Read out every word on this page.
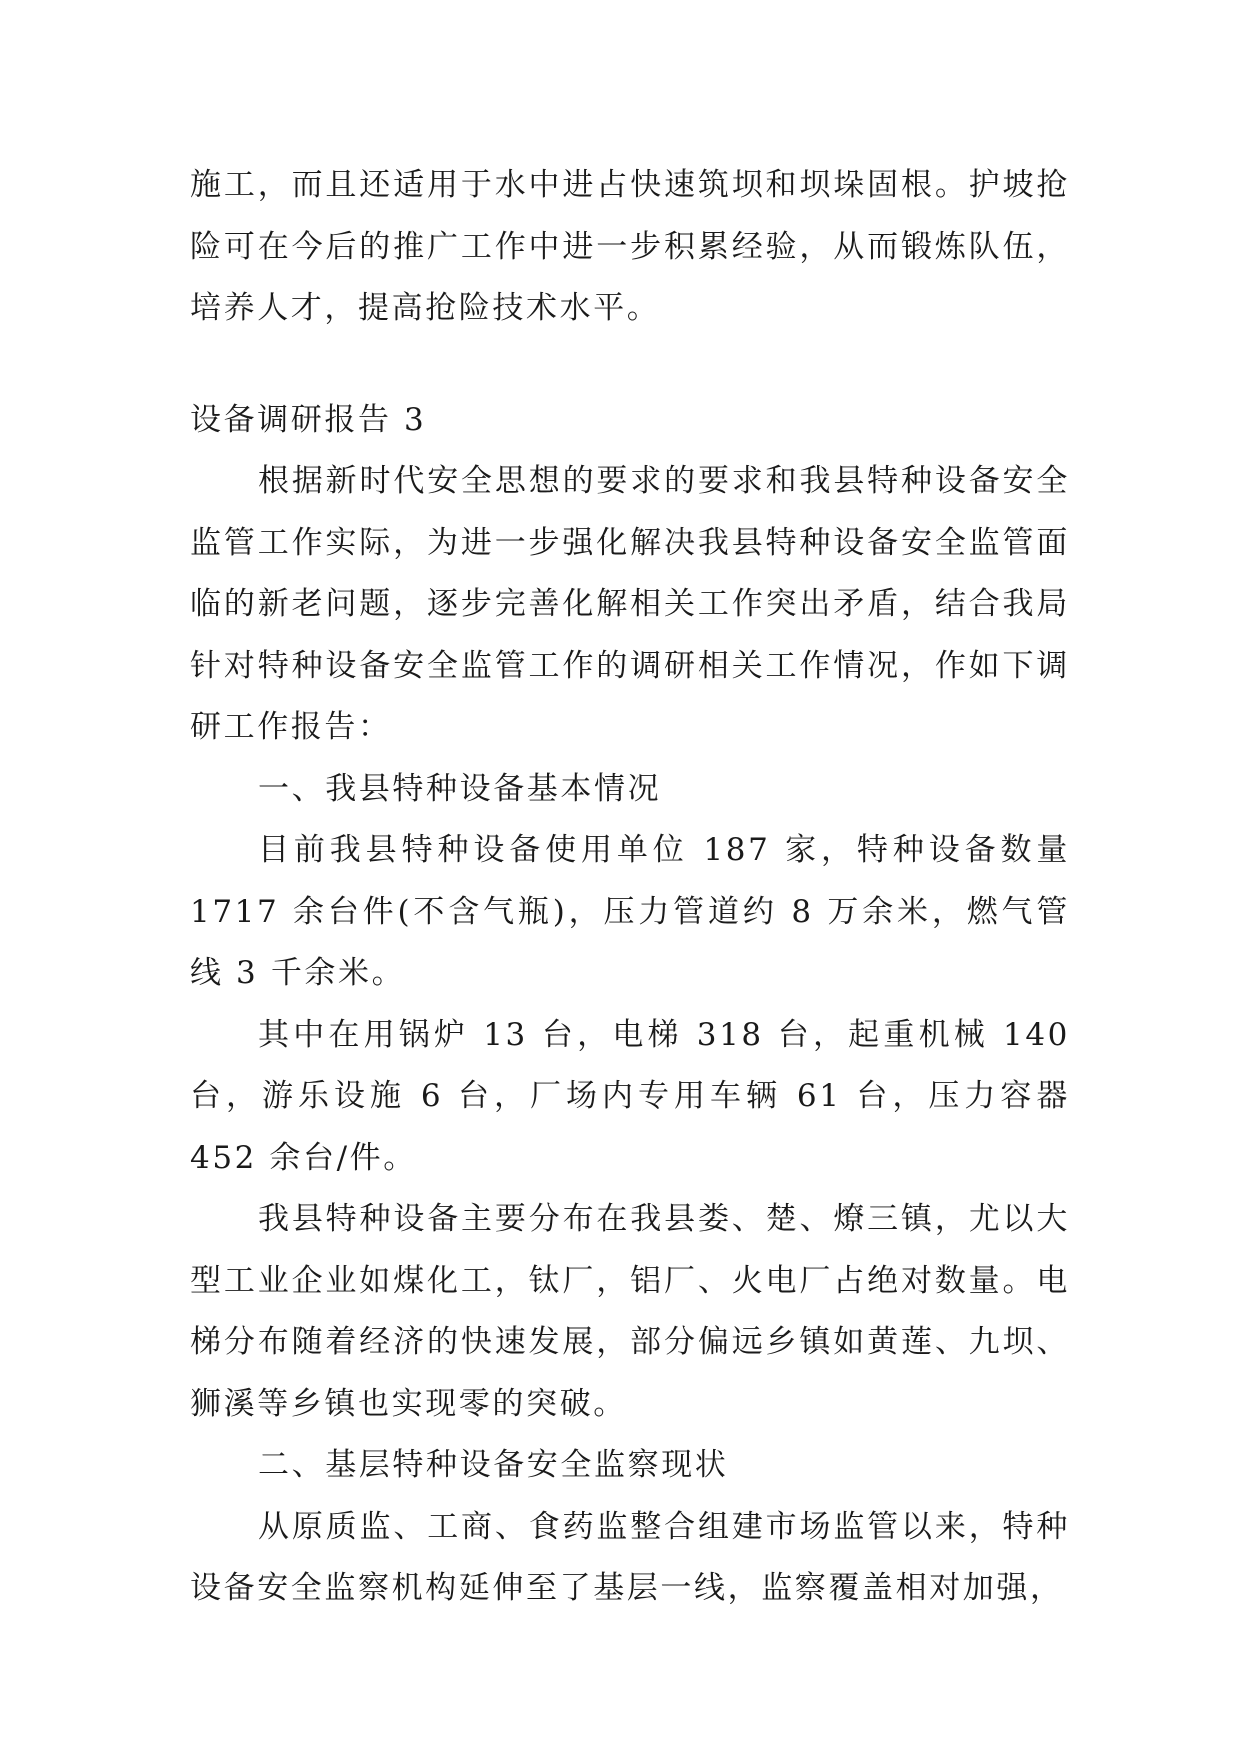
施工，而且还适用于水中进占快速筑坝和坝垛固根。护坡抢险可在今后的推广工作中进一步积累经验，从而锻炼队伍，培养人才，提高抢险技术水平。

设备调研报告 3

根据新时代安全思想的要求的要求和我县特种设备安全监管工作实际，为进一步强化解决我县特种设备安全监管面临的新老问题，逐步完善化解相关工作突出矛盾，结合我局针对特种设备安全监管工作的调研相关工作情况，作如下调研工作报告：

一、我县特种设备基本情况

目前我县特种设备使用单位 187 家，特种设备数量 1717 余台件(不含气瓶)，压力管道约 8 万余米，燃气管线 3 千余米。

其中在用锅炉 13 台，电梯 318 台，起重机械 140 台，游乐设施 6 台，厂场内专用车辆 61 台，压力容器 452 余台/件。

我县特种设备主要分布在我县娄、楚、燎三镇，尤以大型工业企业如煤化工，钛厂，铝厂、火电厂占绝对数量。电梯分布随着经济的快速发展，部分偏远乡镇如黄莲、九坝、狮溪等乡镇也实现零的突破。

二、基层特种设备安全监察现状

从原质监、工商、食药监整合组建市场监管以来，特种设备安全监察机构延伸至了基层一线，监察覆盖相对加强，
